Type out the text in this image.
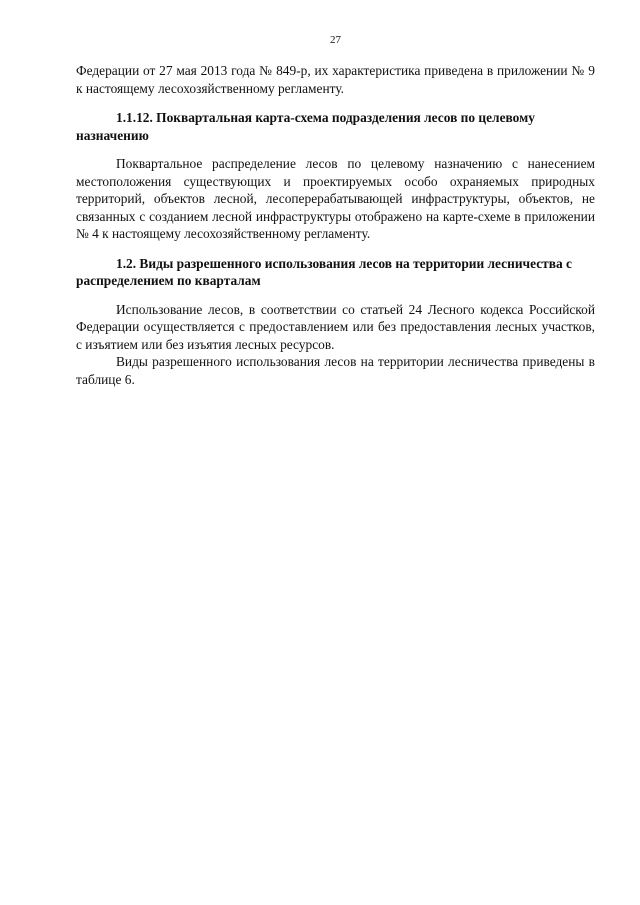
27

Федерации от 27 мая 2013 года № 849-р, их характеристика приведена в приложении № 9 к настоящему лесохозяйственному регламенту.

1.1.12. Поквартальная карта-схема подразделения лесов по целевому назначению

Поквартальное распределение лесов по целевому назначению с нанесением местоположения существующих и проектируемых особо охраняемых природных территорий, объектов лесной, лесоперерабатывающей инфраструктуры, объектов, не связанных с созданием лесной инфраструктуры отображено на карте-схеме в приложении № 4 к настоящему лесохозяйственному регламенту.

1.2. Виды разрешенного использования лесов на территории лесничества с распределением по кварталам

Использование лесов, в соответствии со статьей 24 Лесного кодекса Российской Федерации осуществляется с предоставлением или без предоставления лесных участков, с изъятием или без изъятия лесных ресурсов.

Виды разрешенного использования лесов на территории лесничества приведены в таблице 6.
